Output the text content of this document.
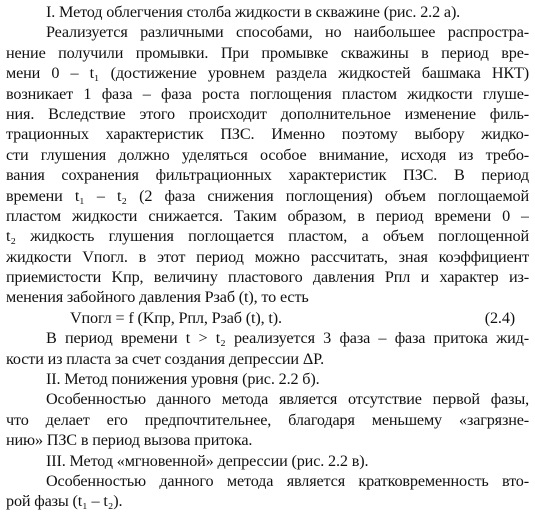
I. Метод облегчения столба жидкости в скважине (рис. 2.2 а).
Реализуется различными способами, но наибольшее распростра-
нение получили промывки. При промывке скважины в период вре-
мени 0 – t₁ (достижение уровнем раздела жидкостей башмака НКТ)
возникает 1 фаза – фаза роста поглощения пластом жидкости глуше-
ния. Вследствие этого происходит дополнительное изменение филь-
трационных характеристик ПЗС. Именно поэтому выбору жидко-
сти глушения должно уделяться особое внимание, исходя из требо-
вания сохранения фильтрационных характеристик ПЗС. В период
времени t₁ – t₂ (2 фаза снижения поглощения) объем поглощаемой
пластом жидкости снижается. Таким образом, в период времени 0 –
t₂ жидкость глушения поглощается пластом, а объем поглощенной
жидкости Vпогл. в этот период можно рассчитать, зная коэффициент
приемистости Kпр, величину пластового давления Pпл и характер из-
менения забойного давления Pзаб (t), то есть
Vпогл = f (Kпр, Pпл, Pзаб (t), t).	(2.4)
В период времени t > t₂ реализуется 3 фаза – фаза притока жид-
кости из пласта за счет создания депрессии ΔP.
II. Метод понижения уровня (рис. 2.2 б).
Особенностью данного метода является отсутствие первой фазы,
что делает его предпочтительнее, благодаря меньшему «загрязне-
нию» ПЗС в период вызова притока.
III. Метод «мгновенной» депрессии (рис. 2.2 в).
Особенностью данного метода является кратковременность вто-
рой фазы (t₁ – t₂).
